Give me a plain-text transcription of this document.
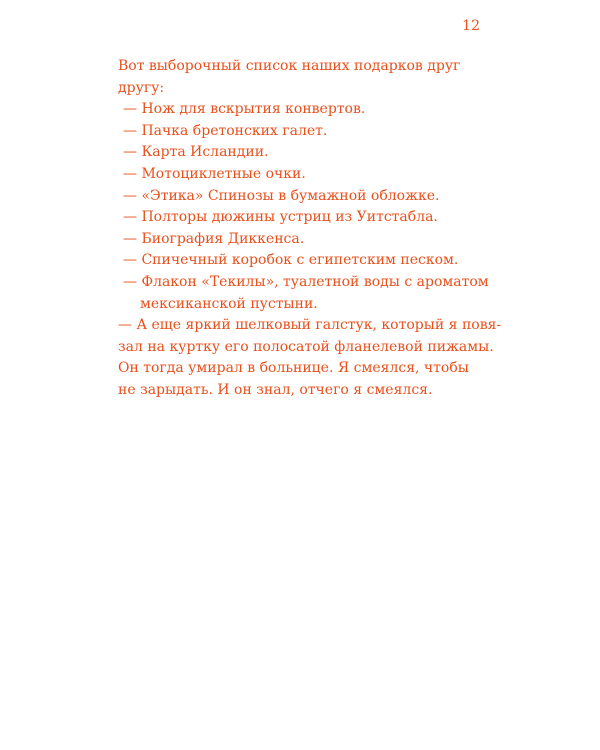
12
Вот выборочный список наших подарков друг
другу:
— Нож для вскрытия конвертов.
— Пачка бретонских галет.
— Карта Исландии.
— Мотоциклетные очки.
— «Этика» Спинозы в бумажной обложке.
— Полторы дюжины устриц из Уитстабла.
— Биография Диккенса.
— Спичечный коробок с египетским песком.
— Флакон «Текилы», туалетной воды с ароматом
мексиканской пустыни.
— А еще яркий шелковый галстук, который я повя-
зал на куртку его полосатой фланелевой пижамы.
Он тогда умирал в больнице. Я смеялся, чтобы
не зарыдать. И он знал, отчего я смеялся.
